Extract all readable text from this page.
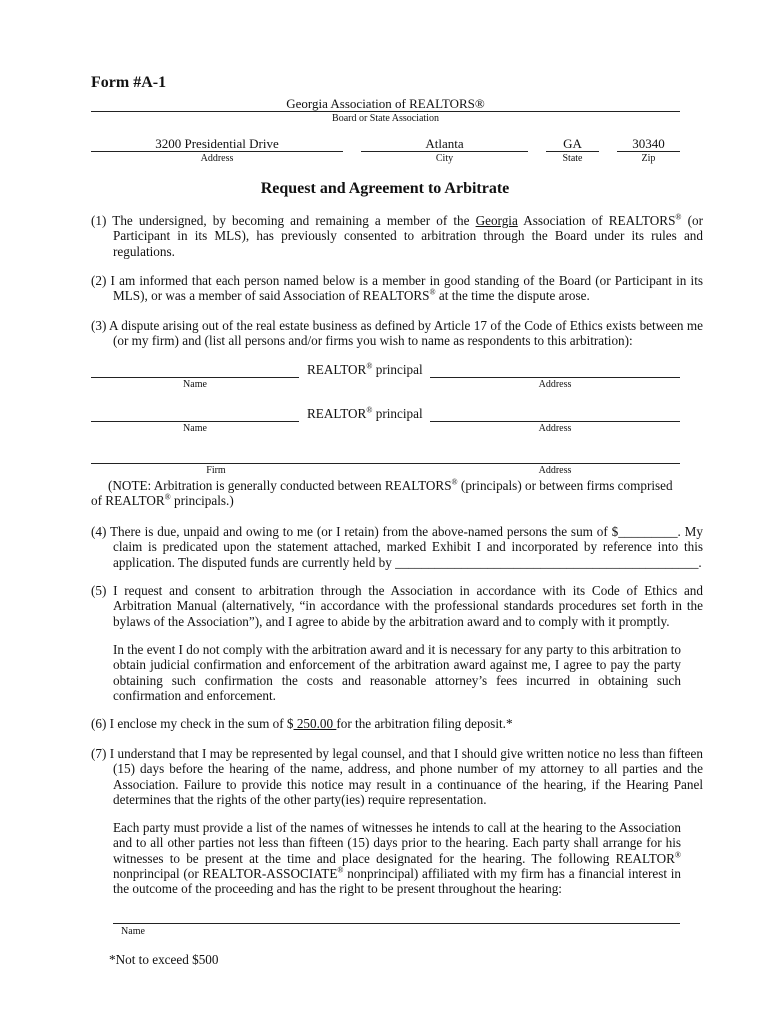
Form #A-1
Georgia Association of REALTORS®
Board or State Association
3200 Presidential Drive
Address
Atlanta
City
GA
State
30340
Zip
Request and Agreement to Arbitrate
(1) The undersigned, by becoming and remaining a member of the Georgia Association of REALTORS® (or Participant in its MLS), has previously consented to arbitration through the Board under its rules and regulations.
(2) I am informed that each person named below is a member in good standing of the Board (or Participant in its MLS), or was a member of said Association of REALTORS® at the time the dispute arose.
(3) A dispute arising out of the real estate business as defined by Article 17 of the Code of Ethics exists between me (or my firm) and (list all persons and/or firms you wish to name as respondents to this arbitration):
REALTOR® principal
Name	Address
REALTOR® principal
Name	Address
Firm	Address
(NOTE: Arbitration is generally conducted between REALTORS® (principals) or between firms comprised of REALTOR® principals.)
(4) There is due, unpaid and owing to me (or I retain) from the above-named persons the sum of $_________. My claim is predicated upon the statement attached, marked Exhibit I and incorporated by reference into this application. The disputed funds are currently held by ______________________________________________.
(5) I request and consent to arbitration through the Association in accordance with its Code of Ethics and Arbitration Manual (alternatively, “in accordance with the professional standards procedures set forth in the bylaws of the Association”), and I agree to abide by the arbitration award and to comply with it promptly.
In the event I do not comply with the arbitration award and it is necessary for any party to this arbitration to obtain judicial confirmation and enforcement of the arbitration award against me, I agree to pay the party obtaining such confirmation the costs and reasonable attorney’s fees incurred in obtaining such confirmation and enforcement.
(6) I enclose my check in the sum of $ 250.00 for the arbitration filing deposit.*
(7) I understand that I may be represented by legal counsel, and that I should give written notice no less than fifteen (15) days before the hearing of the name, address, and phone number of my attorney to all parties and the Association. Failure to provide this notice may result in a continuance of the hearing, if the Hearing Panel determines that the rights of the other party(ies) require representation.
Each party must provide a list of the names of witnesses he intends to call at the hearing to the Association and to all other parties not less than fifteen (15) days prior to the hearing. Each party shall arrange for his witnesses to be present at the time and place designated for the hearing. The following REALTOR® nonprincipal (or REALTOR-ASSOCIATE® nonprincipal) affiliated with my firm has a financial interest in the outcome of the proceeding and has the right to be present throughout the hearing:
Name
*Not to exceed $500
